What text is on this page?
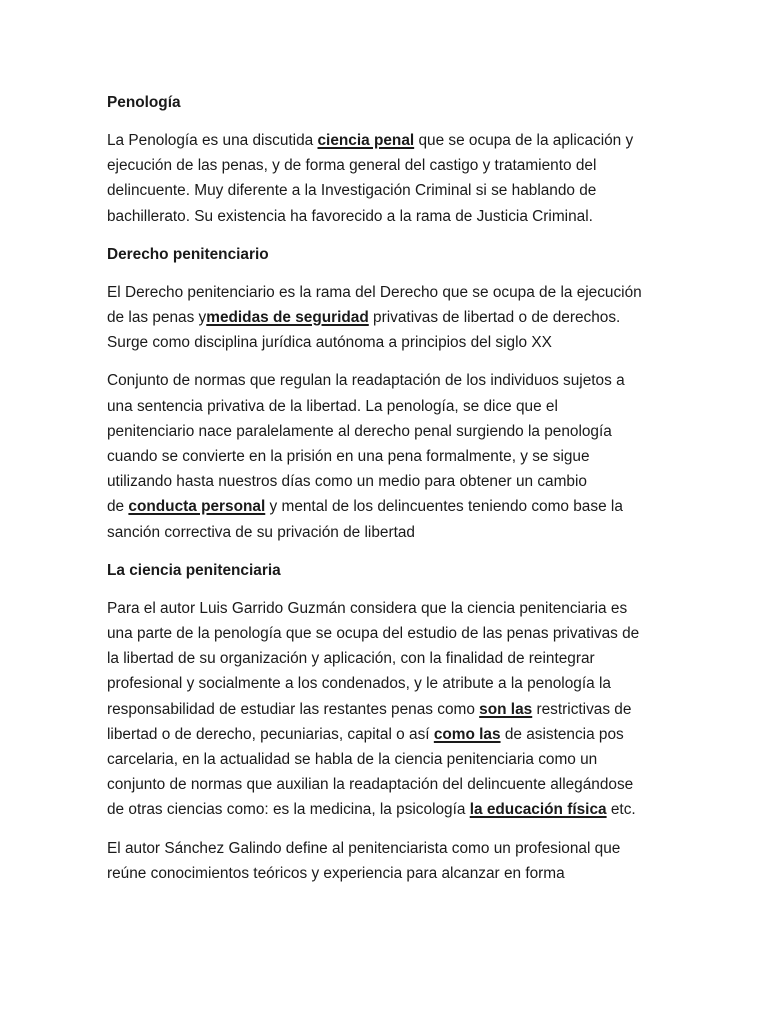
Penología
La Penología es una discutida ciencia penal que se ocupa de la aplicación y
ejecución de las penas, y de forma general del castigo y tratamiento del
delincuente. Muy diferente a la Investigación Criminal si se hablando de
bachillerato. Su existencia ha favorecido a la rama de Justicia Criminal.
Derecho penitenciario
El Derecho penitenciario es la rama del Derecho que se ocupa de la ejecución
de las penas ymedidas de seguridad privativas de libertad o de derechos.
Surge como disciplina jurídica autónoma a principios del siglo XX
Conjunto de normas que regulan la readaptación de los individuos sujetos a
una sentencia privativa de la libertad. La penología, se dice que el
penitenciario nace paralelamente al derecho penal surgiendo la penología
cuando se convierte en la prisión en una pena formalmente, y se sigue
utilizando hasta nuestros días como un medio para obtener un cambio
de conducta personal y mental de los delincuentes teniendo como base la
sanción correctiva de su privación de libertad
La ciencia penitenciaria
Para el autor Luis Garrido Guzmán considera que la ciencia penitenciaria es
una parte de la penología que se ocupa del estudio de las penas privativas de
la libertad de su organización y aplicación, con la finalidad de reintegrar
profesional y socialmente a los condenados, y le atribute a la penología la
responsabilidad de estudiar las restantes penas como son las restrictivas de
libertad o de derecho, pecuniarias, capital o así como las de asistencia pos
carcelaria, en la actualidad se habla de la ciencia penitenciaria como un
conjunto de normas que auxilian la readaptación del delincuente allegándose
de otras ciencias como: es la medicina, la psicología la educación física etc.
El autor Sánchez Galindo define al penitenciarista como un profesional que
reúne conocimientos teóricos y experiencia para alcanzar en forma
